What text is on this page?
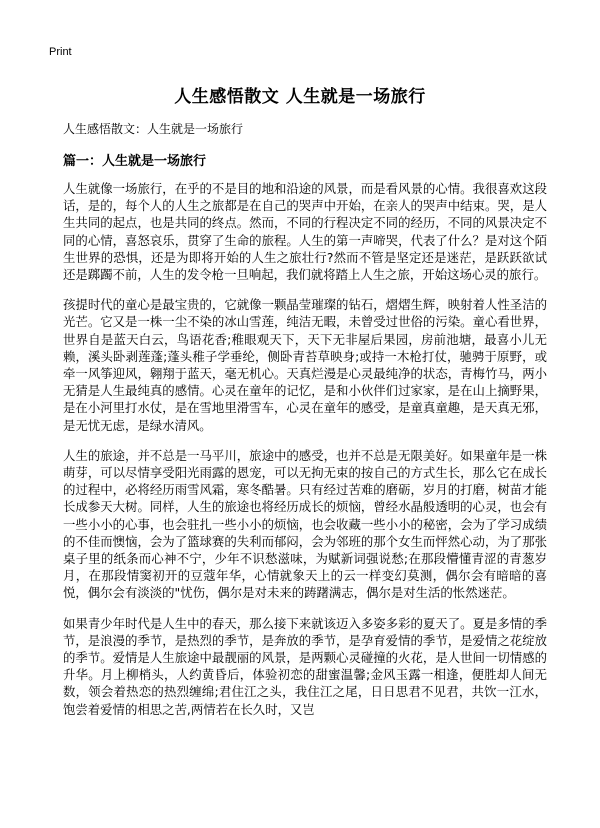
Print
人生感悟散文 人生就是一场旅行
人生感悟散文：人生就是一场旅行
篇一：人生就是一场旅行

人生就像一场旅行，在乎的不是目的地和沿途的风景，而是看风景的心情。我很喜欢这段话，是的，每个人的人生之旅都是在自己的哭声中开始，在亲人的哭声中结束。哭，是人生共同的起点，也是共同的终点。然而，不同的行程决定不同的经历，不同的风景决定不同的心情，喜怒哀乐，贯穿了生命的旅程。人生的第一声啼哭，代表了什么？是对这个陌生世界的恐惧，还是为即将开始的人生之旅壮行?然而不管是坚定还是迷茫，是跃跃欲试还是踯躅不前，人生的发令枪一旦响起，我们就将踏上人生之旅，开始这场心灵的旅行。

孩提时代的童心是最宝贵的，它就像一颗晶莹璀璨的钻石，熠熠生辉，映射着人性圣洁的光芒。它又是一株一尘不染的冰山雪莲，纯洁无暇，未曾受过世俗的污染。童心看世界，世界自是蓝天白云，鸟语花香;稚眼观天下，天下无非屋后果园，房前池塘，最喜小儿无赖，溪头卧剥莲蓬;蓬头稚子学垂纶，侧卧青苔草映身;或持一木枪打仗，驰骋于原野，或牵一风筝迎风，翱翔于蓝天，毫无机心。天真烂漫是心灵最纯净的状态，青梅竹马，两小无猜是人生最纯真的感情。心灵在童年的记忆，是和小伙伴们过家家，是在山上摘野果，是在小河里打水仗，是在雪地里滑雪车，心灵在童年的感受，是童真童趣，是天真无邪，是无忧无虑，是绿水清风。

人生的旅途，并不总是一马平川，旅途中的感受，也并不总是无限美好。如果童年是一株萌芽，可以尽情享受阳光雨露的恩宠，可以无拘无束的按自己的方式生长，那么它在成长的过程中，必将经历雨雪风霜，寒冬酷暑。只有经过苦难的磨砺，岁月的打磨，树苗才能长成参天大树。同样，人生的旅途也将经历成长的烦恼，曾经水晶般透明的心灵，也会有一些小小的心事，也会驻扎一些小小的烦恼，也会收藏一些小小的秘密，会为了学习成绩的不佳而懊恼，会为了篮球赛的失利而郁闷，会为邻班的那个女生而怦然心动，为了那张桌子里的纸条而心神不宁，少年不识愁滋味，为赋新词强说愁;在那段懵懂青涩的青葱岁月，在那段情窦初开的豆蔻年华，心情就象天上的云一样变幻莫测，偶尔会有暗暗的喜悦，偶尔会有淡淡的"忧伤，偶尔是对未来的踌躇满志，偶尔是对生活的怅然迷茫。

如果青少年时代是人生中的春天，那么接下来就该迈入多姿多彩的夏天了。夏是多情的季节，是浪漫的季节，是热烈的季节，是奔放的季节，是孕育爱情的季节，是爱情之花绽放的季节。爱情是人生旅途中最靓丽的风景，是两颗心灵碰撞的火花，是人世间一切情感的升华。月上柳梢头，人约黄昏后，体验初恋的甜蜜温馨;金风玉露一相逢，便胜却人间无数，领会着热恋的热烈缠绵;君住江之头，我住江之尾，日日思君不见君，共饮一江水，饱尝着爱情的相思之苦,两情若在长久时，又岂
